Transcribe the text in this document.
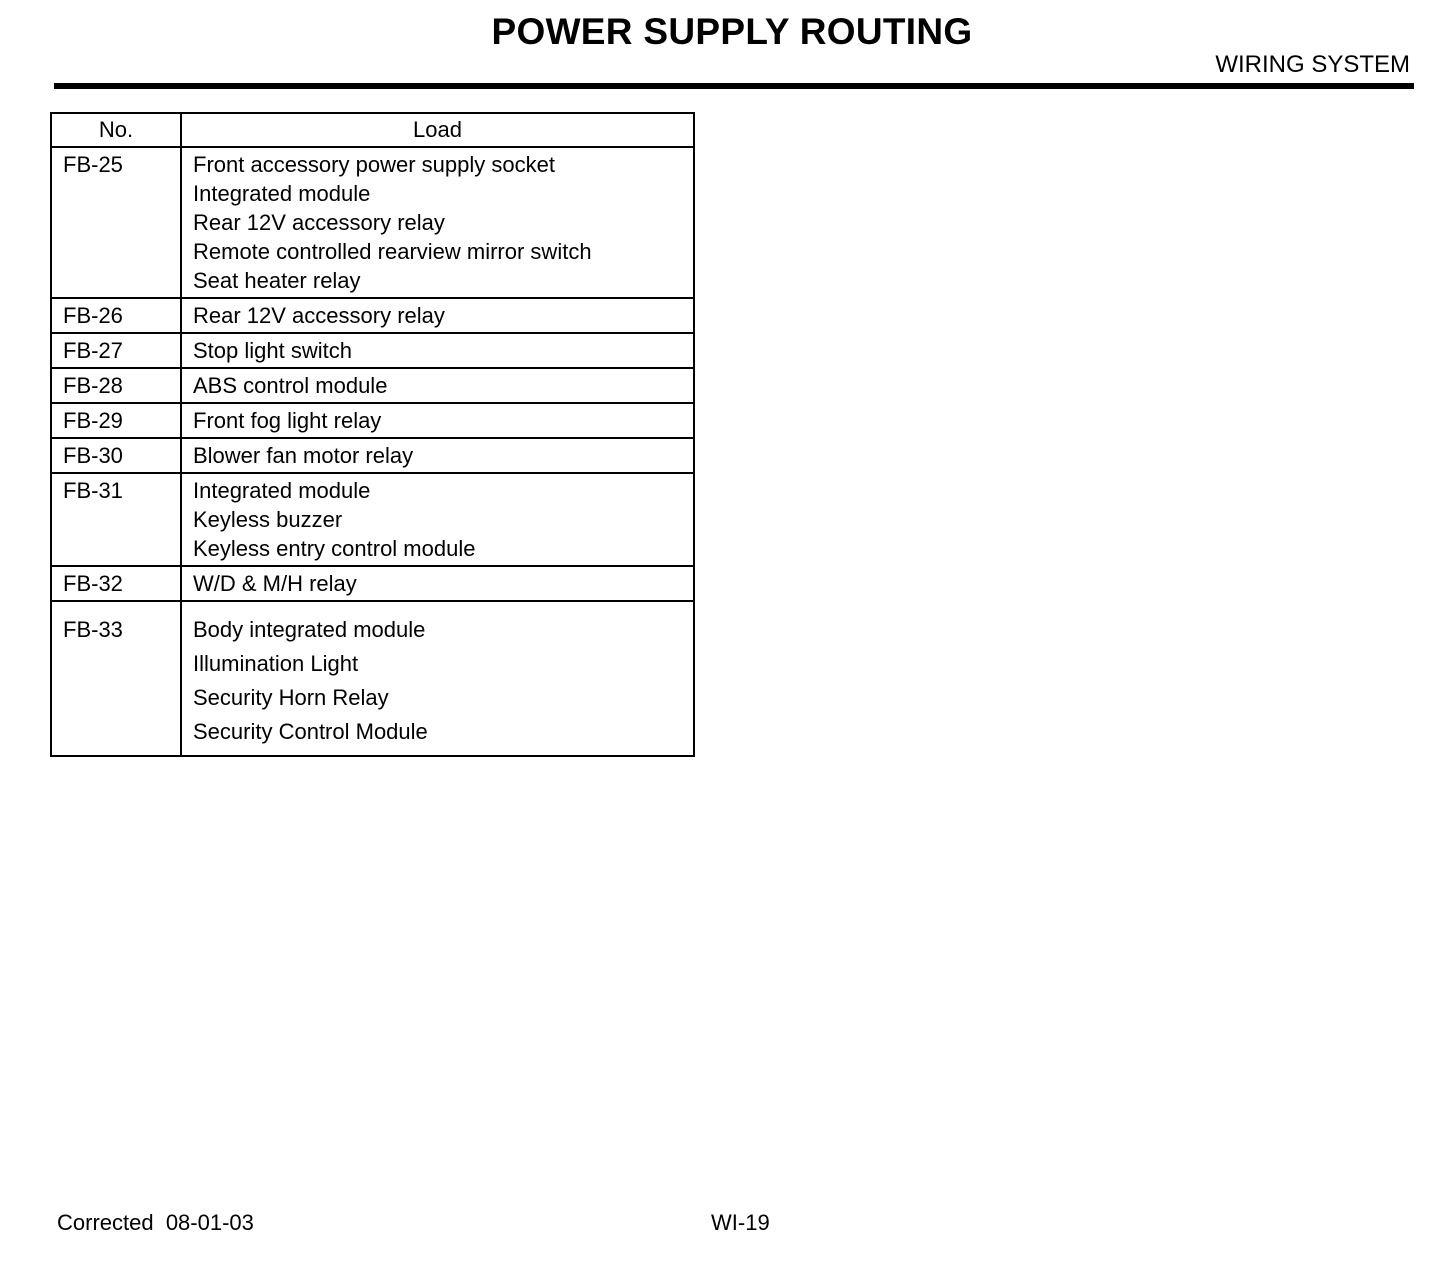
POWER SUPPLY ROUTING
WIRING SYSTEM
No.	Load
FB-25	Front accessory power supply socket
Integrated module
Rear 12V accessory relay
Remote controlled rearview mirror switch
Seat heater relay

FB-26	Rear 12V accessory relay

FB-27	Stop light switch

FB-28	ABS control module

FB-29	Front fog light relay

FB-30	Blower fan motor relay

FB-31	Integrated module
Keyless buzzer
Keyless entry control module

FB-32	W/D & M/H relay

FB-33	Body integrated module
Illumination Light
Security Horn Relay
Security Control Module
Corrected  08-01-03	WI-19
